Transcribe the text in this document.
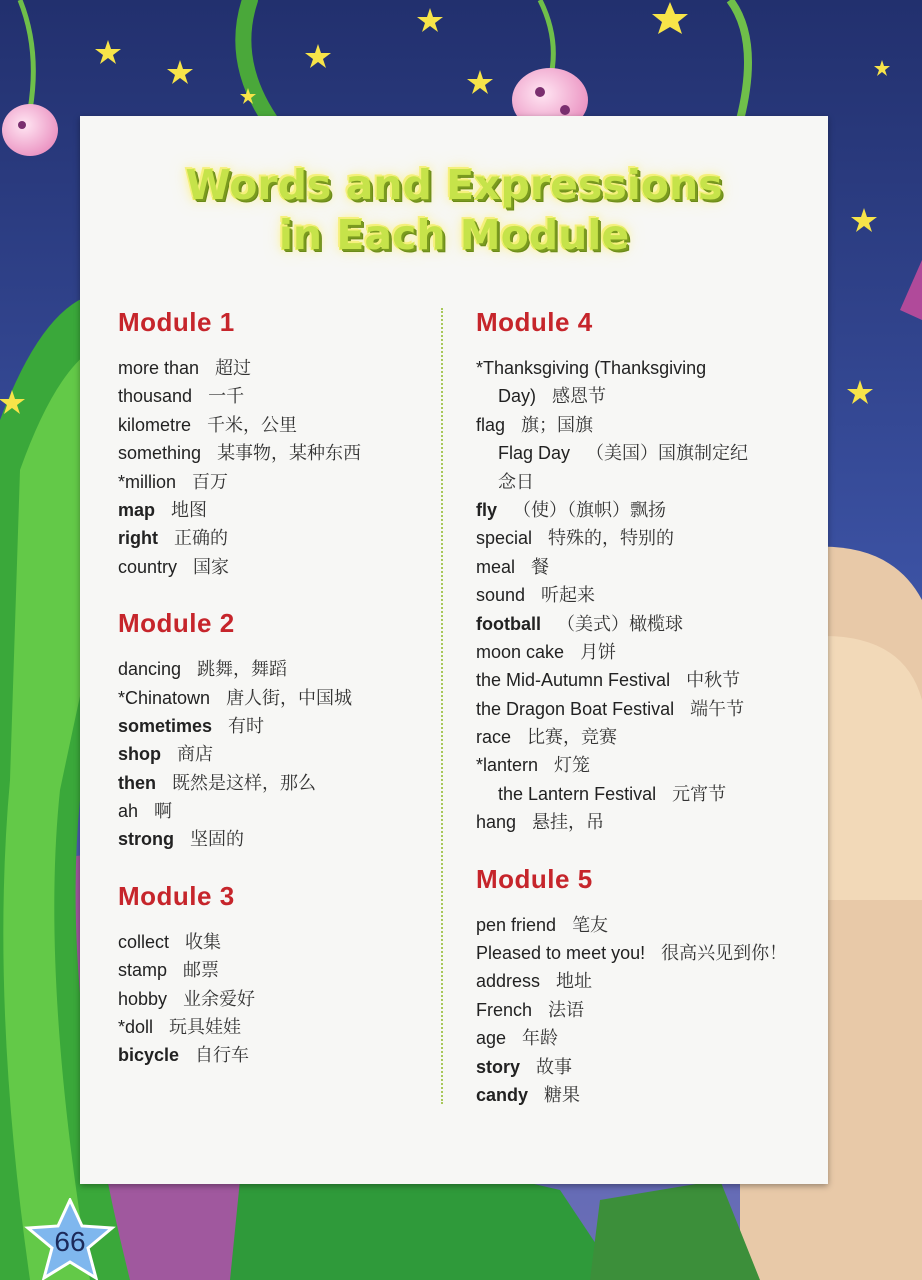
Words and Expressions
in Each Module
Module 1
more than 超过
thousand 一千
kilometre 千米，公里
something 某事物，某种东西
*million 百万
map 地图
right 正确的
country 国家
Module 2
dancing 跳舞，舞蹈
*Chinatown 唐人街，中国城
sometimes 有时
shop 商店
then 既然是这样，那么
ah 啊
strong 坚固的
Module 3
collect 收集
stamp 邮票
hobby 业余爱好
*doll 玩具娃娃
bicycle 自行车
Module 4
*Thanksgiving (Thanksgiving
Day) 感恩节
flag 旗；国旗
Flag Day （美国）国旗制定纪
念日
fly （使）（旗帜）飘扬
special 特殊的，特别的
meal 餐
sound 听起来
football （美式）橄榄球
moon cake 月饼
the Mid-Autumn Festival 中秋节
the Dragon Boat Festival 端午节
race 比赛，竞赛
*lantern 灯笼
the Lantern Festival 元宵节
hang 悬挂，吊
Module 5
pen friend 笔友
Pleased to meet you! 很高兴见到你！
address 地址
French 法语
age 年龄
story 故事
candy 糖果
66
